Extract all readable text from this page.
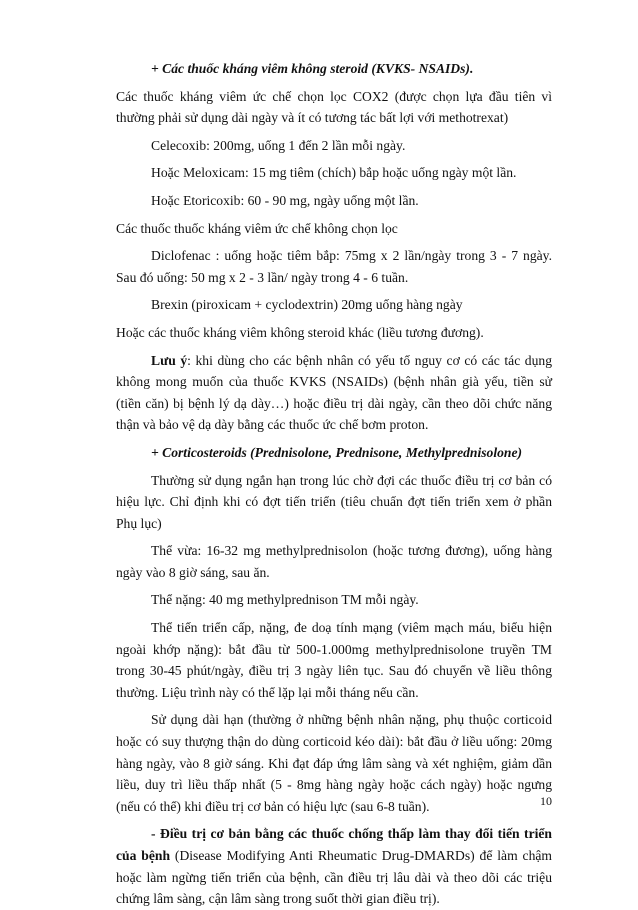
+ Các thuốc kháng viêm không steroid (KVKS- NSAIDs).

Các thuốc kháng viêm ức chế chọn lọc COX2 (được chọn lựa đầu tiên vì thường phải sử dụng dài ngày và ít có tương tác bất lợi với methotrexat)

Celecoxib: 200mg, uống 1 đến 2 lần mỗi ngày.

Hoặc Meloxicam: 15 mg tiêm (chích) bắp hoặc uống ngày một lần.

Hoặc Etoricoxib: 60 - 90 mg, ngày uống một lần.

Các thuốc thuốc kháng viêm ức chế không chọn lọc

Diclofenac : uống hoặc tiêm bắp: 75mg x 2 lần/ngày trong 3 - 7 ngày. Sau đó uống: 50 mg x 2 - 3 lần/ ngày trong 4 - 6 tuần.

Brexin (piroxicam + cyclodextrin) 20mg uống hàng ngày

Hoặc các thuốc kháng viêm không steroid khác (liều tương đương).

Lưu ý: khi dùng cho các bệnh nhân có yếu tố nguy cơ có các tác dụng không mong muốn của thuốc KVKS (NSAIDs) (bệnh nhân già yếu, tiền sử (tiền căn) bị bệnh lý dạ dày…) hoặc điều trị dài ngày, cần theo dõi chức năng thận và bảo vệ dạ dày bằng các thuốc ức chế bơm proton.

+ Corticosteroids (Prednisolone, Prednisone, Methylprednisolone)

Thường sử dụng ngắn hạn trong lúc chờ đợi các thuốc điều trị cơ bản có hiệu lực. Chỉ định khi có đợt tiến triển (tiêu chuẩn đợt tiến triển xem ở phần Phụ lục)

Thể vừa: 16-32 mg methylprednisolon (hoặc tương đương), uống hàng ngày vào 8 giờ sáng, sau ăn.

Thể nặng: 40 mg methylprednison TM mỗi ngày.

Thể tiến triển cấp, nặng, đe doạ tính mạng (viêm mạch máu, biểu hiện ngoài khớp nặng): bắt đầu từ 500-1.000mg methylprednisolone truyền TM trong 30-45 phút/ngày, điều trị 3 ngày liên tục. Sau đó chuyển về liều thông thường. Liệu trình này có thể lặp lại mỗi tháng nếu cần.

Sử dụng dài hạn (thường ở những bệnh nhân nặng, phụ thuộc corticoid hoặc có suy thượng thận do dùng corticoid kéo dài): bắt đầu ở liều uống: 20mg hàng ngày, vào 8 giờ sáng. Khi đạt đáp ứng lâm sàng và xét nghiệm, giảm dần liều, duy trì liều thấp nhất (5 - 8mg hàng ngày hoặc cách ngày) hoặc ngưng (nếu có thể) khi điều trị cơ bản có hiệu lực (sau 6-8 tuần).

- Điều trị cơ bản bằng các thuốc chống thấp làm thay đổi tiến triển của bệnh (Disease Modifying Anti Rheumatic Drug-DMARDs) để làm chậm hoặc làm ngừng tiến triển của bệnh, cần điều trị lâu dài và theo dõi các triệu chứng lâm sàng, cận lâm sàng trong suốt thời gian điều trị).

10
